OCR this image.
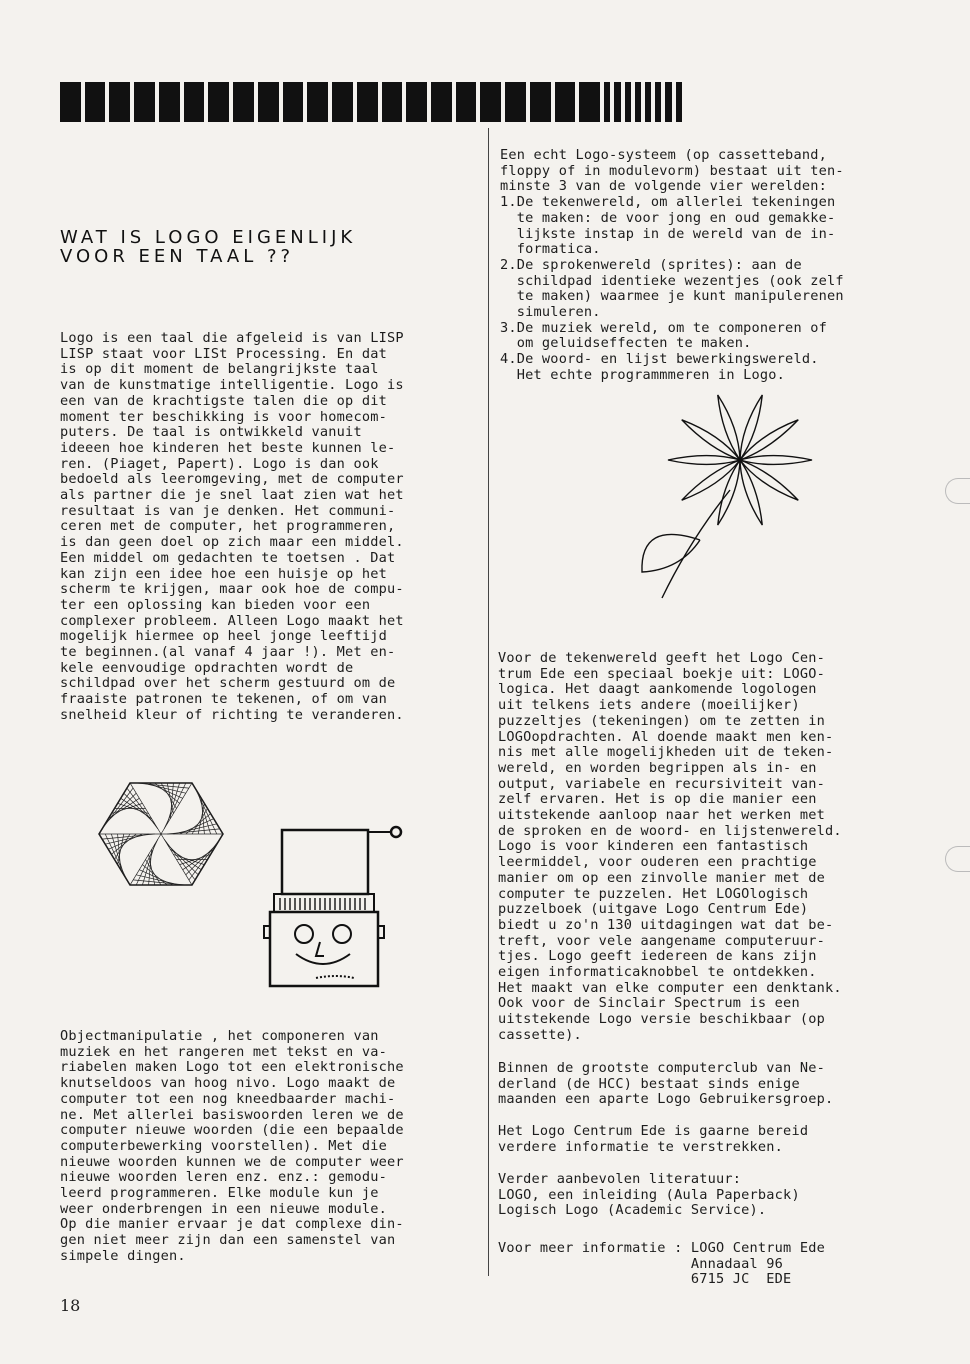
WAT IS LOGO EIGENLIJK
VOOR EEN TAAL ??
Logo is een taal die afgeleid is van LISP
LISP staat voor LISt Processing. En dat
is op dit moment de belangrijkste taal
van de kunstmatige intelligentie. Logo is
een van de krachtigste talen die op dit
moment ter beschikking is voor homecom-
puters. De taal is ontwikkeld vanuit
ideeen hoe kinderen het beste kunnen le-
ren. (Piaget, Papert). Logo is dan ook
bedoeld als leeromgeving, met de computer
als partner die je snel laat zien wat het
resultaat is van je denken. Het communi-
ceren met de computer, het programmeren,
is dan geen doel op zich maar een middel.
Een middel om gedachten te toetsen . Dat
kan zijn een idee hoe een huisje op het
scherm te krijgen, maar ook hoe de compu-
ter een oplossing kan bieden voor een
complexer probleem. Alleen Logo maakt het
mogelijk hiermee op heel jonge leeftijd
te beginnen.(al vanaf 4 jaar !). Met en-
kele eenvoudige opdrachten wordt de
schildpad over het scherm gestuurd om de
fraaiste patronen te tekenen, of om van
snelheid kleur of richting te veranderen.
Objectmanipulatie , het componeren van
muziek en het rangeren met tekst en va-
riabelen maken Logo tot een elektronische
knutseldoos van hoog nivo. Logo maakt de
computer tot een nog kneedbaarder machi-
ne. Met allerlei basiswoorden leren we de
computer nieuwe woorden (die een bepaalde
computerbewerking voorstellen). Met die
nieuwe woorden kunnen we de computer weer
nieuwe woorden leren enz. enz.: gemodu-
leerd programmeren. Elke module kun je
weer onderbrengen in een nieuwe module.
Op die manier ervaar je dat complexe din-
gen niet meer zijn dan een samenstel van
simpele dingen.
Een echt Logo-systeem (op cassetteband,
floppy of in modulevorm) bestaat uit ten-
minste 3 van de volgende vier werelden:
1.De tekenwereld, om allerlei tekeningen
te maken: de voor jong en oud gemakke-
lijkste instap in de wereld van de in-
formatica.
2.De sprokenwereld (sprites): aan de
schildpad identieke wezentjes (ook zelf
te maken) waarmee je kunt manipulerenen
simuleren.
3.De muziek wereld, om te componeren of
om geluidseffecten te maken.
4.De woord- en lijst bewerkingswereld.
Het echte programmmeren in Logo.
Voor de tekenwereld geeft het Logo Cen-
trum Ede een speciaal boekje uit: LOGO-
logica. Het daagt aankomende logologen
uit telkens iets andere (moeilijker)
puzzeltjes (tekeningen) om te zetten in
LOGOopdrachten. Al doende maakt men ken-
nis met alle mogelijkheden uit de teken-
wereld, en worden begrippen als in- en
output, variabele en recursiviteit van-
zelf ervaren. Het is op die manier een
uitstekende aanloop naar het werken met
de sproken en de woord- en lijstenwereld.
Logo is voor kinderen een fantastisch
leermiddel, voor ouderen een prachtige
manier om op een zinvolle manier met de
computer te puzzelen. Het LOGOlogisch
puzzelboek (uitgave Logo Centrum Ede)
biedt u zo'n 130 uitdagingen wat dat be-
treft, voor vele aangename computeruur-
tjes. Logo geeft iedereen de kans zijn
eigen informaticaknobbel te ontdekken.
Het maakt van elke computer een denktank.
Ook voor de Sinclair Spectrum is een
uitstekende Logo versie beschikbaar (op
cassette).
Binnen de grootste computerclub van Ne-
derland (de HCC) bestaat sinds enige
maanden een aparte Logo Gebruikersgroep.
Het Logo Centrum Ede is gaarne bereid
verdere informatie te verstrekken.
Verder aanbevolen literatuur:
LOGO, een inleiding (Aula Paperback)
Logisch Logo (Academic Service).
Voor meer informatie : LOGO Centrum Ede
Annadaal 96
6715 JC  EDE
18
